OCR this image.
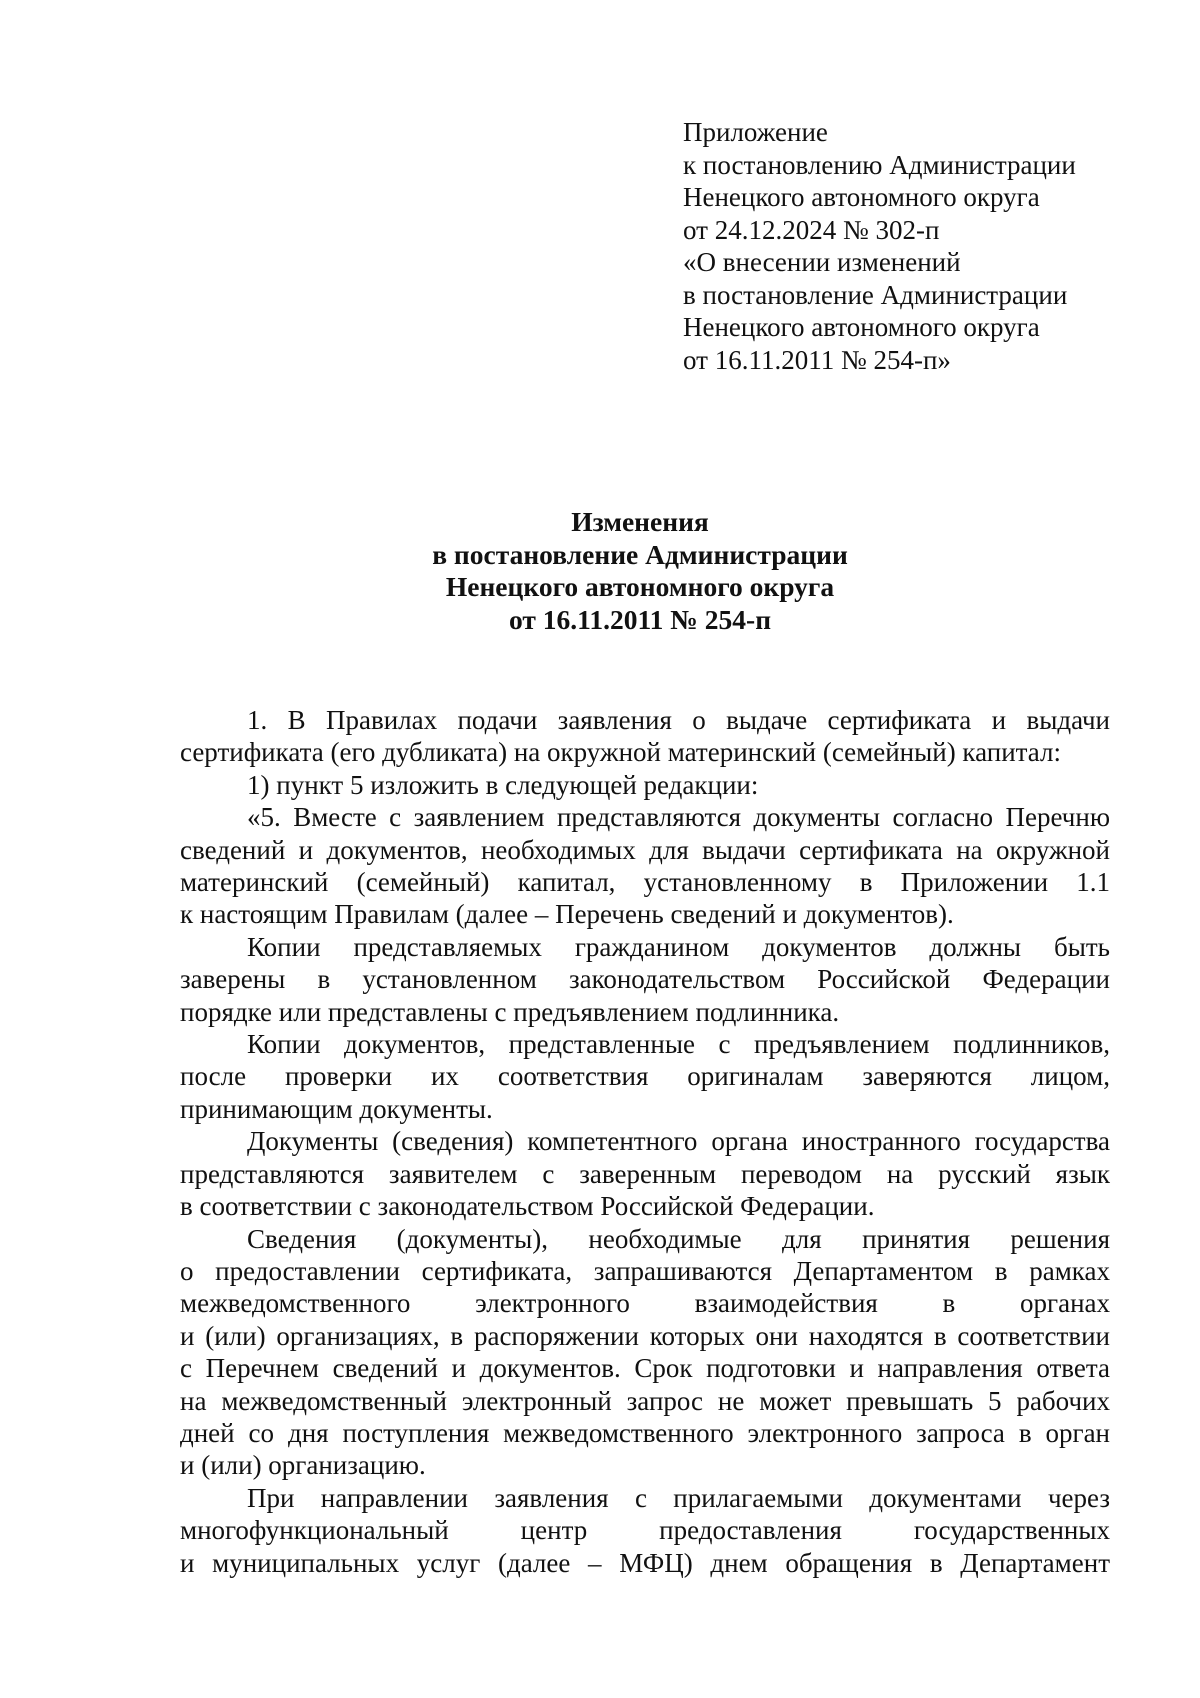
Приложение
к постановлению Администрации
Ненецкого автономного округа
от 24.12.2024 № 302-п
«О внесении изменений
в постановление Администрации
Ненецкого автономного округа
от 16.11.2011 № 254-п»
Изменения
в постановление Администрации
Ненецкого автономного округа
от 16.11.2011 № 254-п
1. В Правилах подачи заявления о выдаче сертификата и выдачи
сертификата (его дубликата) на окружной материнский (семейный) капитал:
1) пункт 5 изложить в следующей редакции:
«5. Вместе с заявлением представляются документы согласно Перечню
сведений и документов, необходимых для выдачи сертификата на окружной
материнский (семейный) капитал, установленному в Приложении 1.1
к настоящим Правилам (далее – Перечень сведений и документов).
Копии представляемых гражданином документов должны быть
заверены в установленном законодательством Российской Федерации
порядке или представлены с предъявлением подлинника.
Копии документов, представленные с предъявлением подлинников,
после проверки их соответствия оригиналам заверяются лицом,
принимающим документы.
Документы (сведения) компетентного органа иностранного государства
представляются заявителем с заверенным переводом на русский язык
в соответствии с законодательством Российской Федерации.
Сведения (документы), необходимые для принятия решения
о предоставлении сертификата, запрашиваются Департаментом в рамках
межведомственного электронного взаимодействия в органах
и (или) организациях, в распоряжении которых они находятся в соответствии
с Перечнем сведений и документов. Срок подготовки и направления ответа
на межведомственный электронный запрос не может превышать 5 рабочих
дней со дня поступления межведомственного электронного запроса в орган
и (или) организацию.
При направлении заявления с прилагаемыми документами через
многофункциональный центр предоставления государственных
и муниципальных услуг (далее – МФЦ) днем обращения в Департамент
